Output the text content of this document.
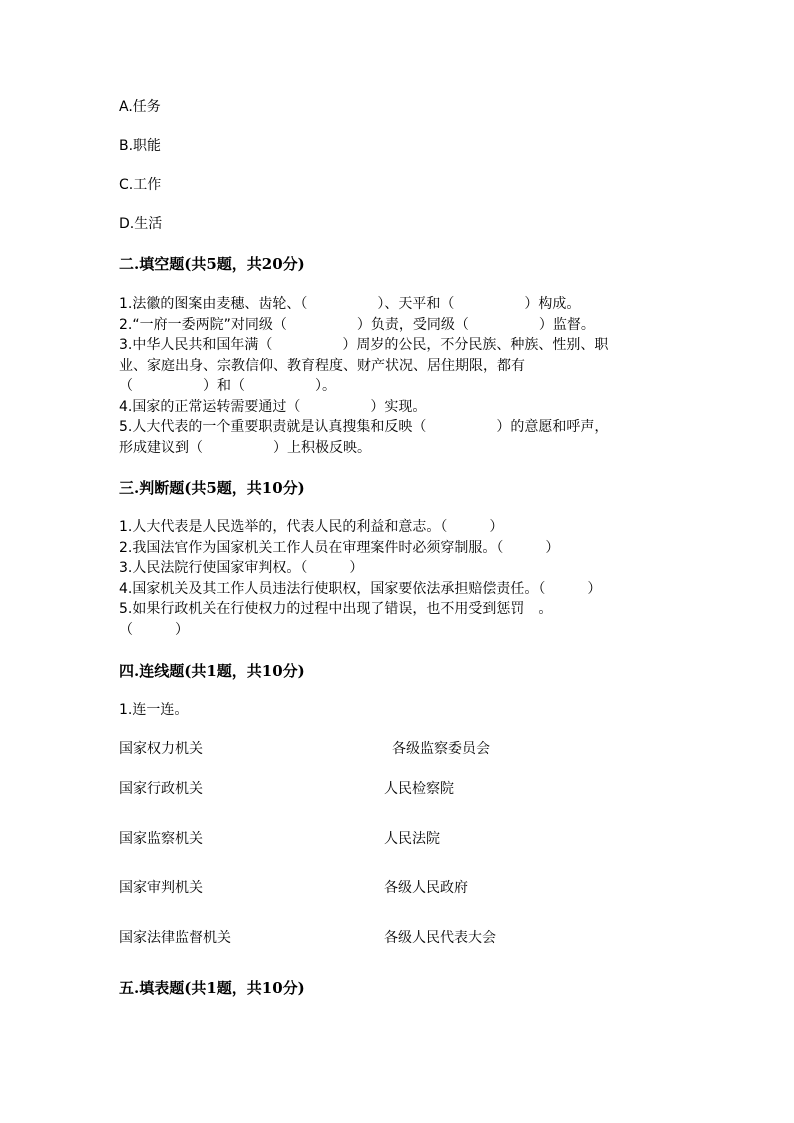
A.任务
B.职能
C.工作
D.生活
二.填空题(共5题，共20分)
1.法徽的图案由麦穗、齿轮、（　　　　　）、天平和（　　　　　）构成。
2.“一府一委两院”对同级（　　　　　）负责，受同级（　　　　　）监督。
3.中华人民共和国年满（　　　　　）周岁的公民，不分民族、种族、性别、职
业、家庭出身、宗教信仰、教育程度、财产状况、居住期限，都有
（　　　　　）和（　　　　　）。
4.国家的正常运转需要通过（　　　　　）实现。
5.人大代表的一个重要职责就是认真搜集和反映（　　　　　）的意愿和呼声，
形成建议到（　　　　　）上积极反映。
三.判断题(共5题，共10分)
1.人大代表是人民选举的，代表人民的利益和意志。（　　　）
2.我国法官作为国家机关工作人员在审理案件时必须穿制服。（　　　）
3.人民法院行使国家审判权。（　　　）
4.国家机关及其工作人员违法行使职权，国家要依法承担赔偿责任。（　　　）
5.如果行政机关在行使权力的过程中出现了错误，也不用受到惩罚　。
（　　　）
四.连线题(共1题，共10分)
1.连一连。
国家权力机关
国家行政机关
国家监察机关
国家审判机关
国家法律监督机关
各级监察委员会
人民检察院
人民法院
各级人民政府
各级人民代表大会
五.填表题(共1题，共10分)
